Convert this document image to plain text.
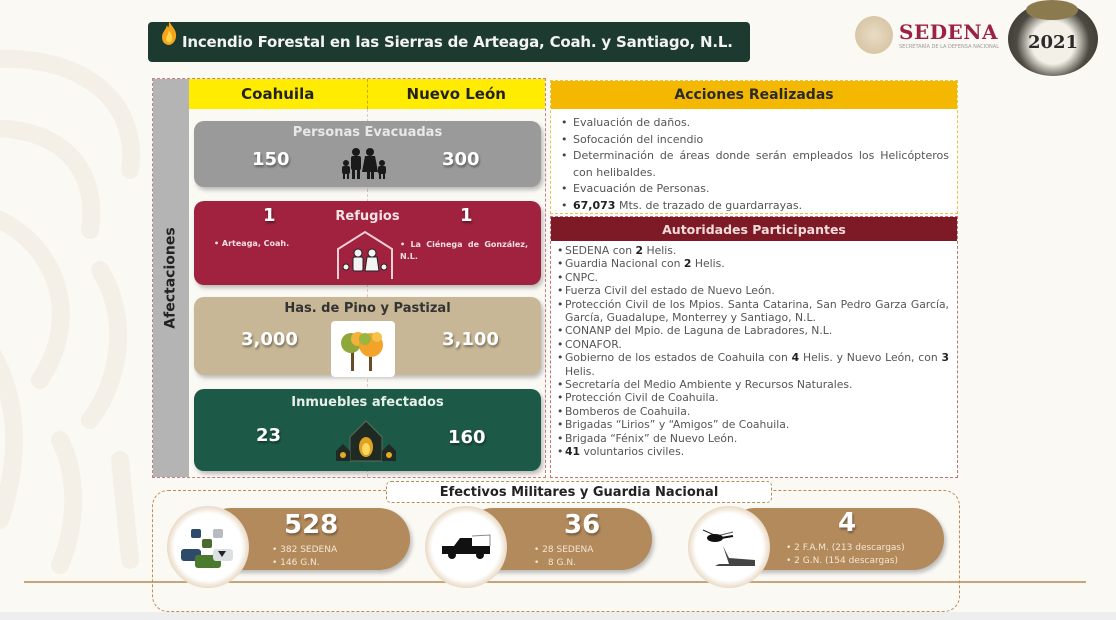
Incendio Forestal en las Sierras de Arteaga, Coah. y Santiago, N.L.	SEDENA
SECRETARÍA DE LA DEFENSA NACIONAL 2021
Afectaciones
Coahuila	Nuevo León
Personas Evacuadas
150	300
Refugios
1	1
• Arteaga, Coah.	• La Ciénega de González, N.L.
Has. de Pino y Pastizal
3,000	3,100
Inmuebles afectados
23	160
Acciones Realizadas
• Evaluación de daños.
• Sofocación del incendio
• Determinación de áreas donde serán empleados los Helicópteros con helibaldes.
• Evacuación de Personas.
• 67,073 Mts. de trazado de guardarrayas.
Autoridades Participantes
• SEDENA con 2 Helis.
• Guardia Nacional con 2 Helis.
• CNPC.
• Fuerza Civil del estado de Nuevo León.
• Protección Civil de los Mpios. Santa Catarina, San Pedro Garza García, García, Guadalupe, Monterrey y Santiago, N.L.
• CONANP del Mpio. de Laguna de Labradores, N.L.
• CONAFOR.
• Gobierno de los estados de Coahuila con 4 Helis. y Nuevo León, con 3 Helis.
• Secretaría del Medio Ambiente y Recursos Naturales.
• Protección Civil de Coahuila.
• Bomberos de Coahuila.
• Brigadas “Lirios” y “Amigos” de Coahuila.
• Brigada “Fénix” de Nuevo León.
• 41 voluntarios civiles.
Efectivos Militares y Guardia Nacional
528
• 382 SEDENA
• 146 G.N.
36
• 28 SEDENA
•   8 G.N.
4
• 2 F.A.M. (213 descargas)
• 2 G.N. (154 descargas)
